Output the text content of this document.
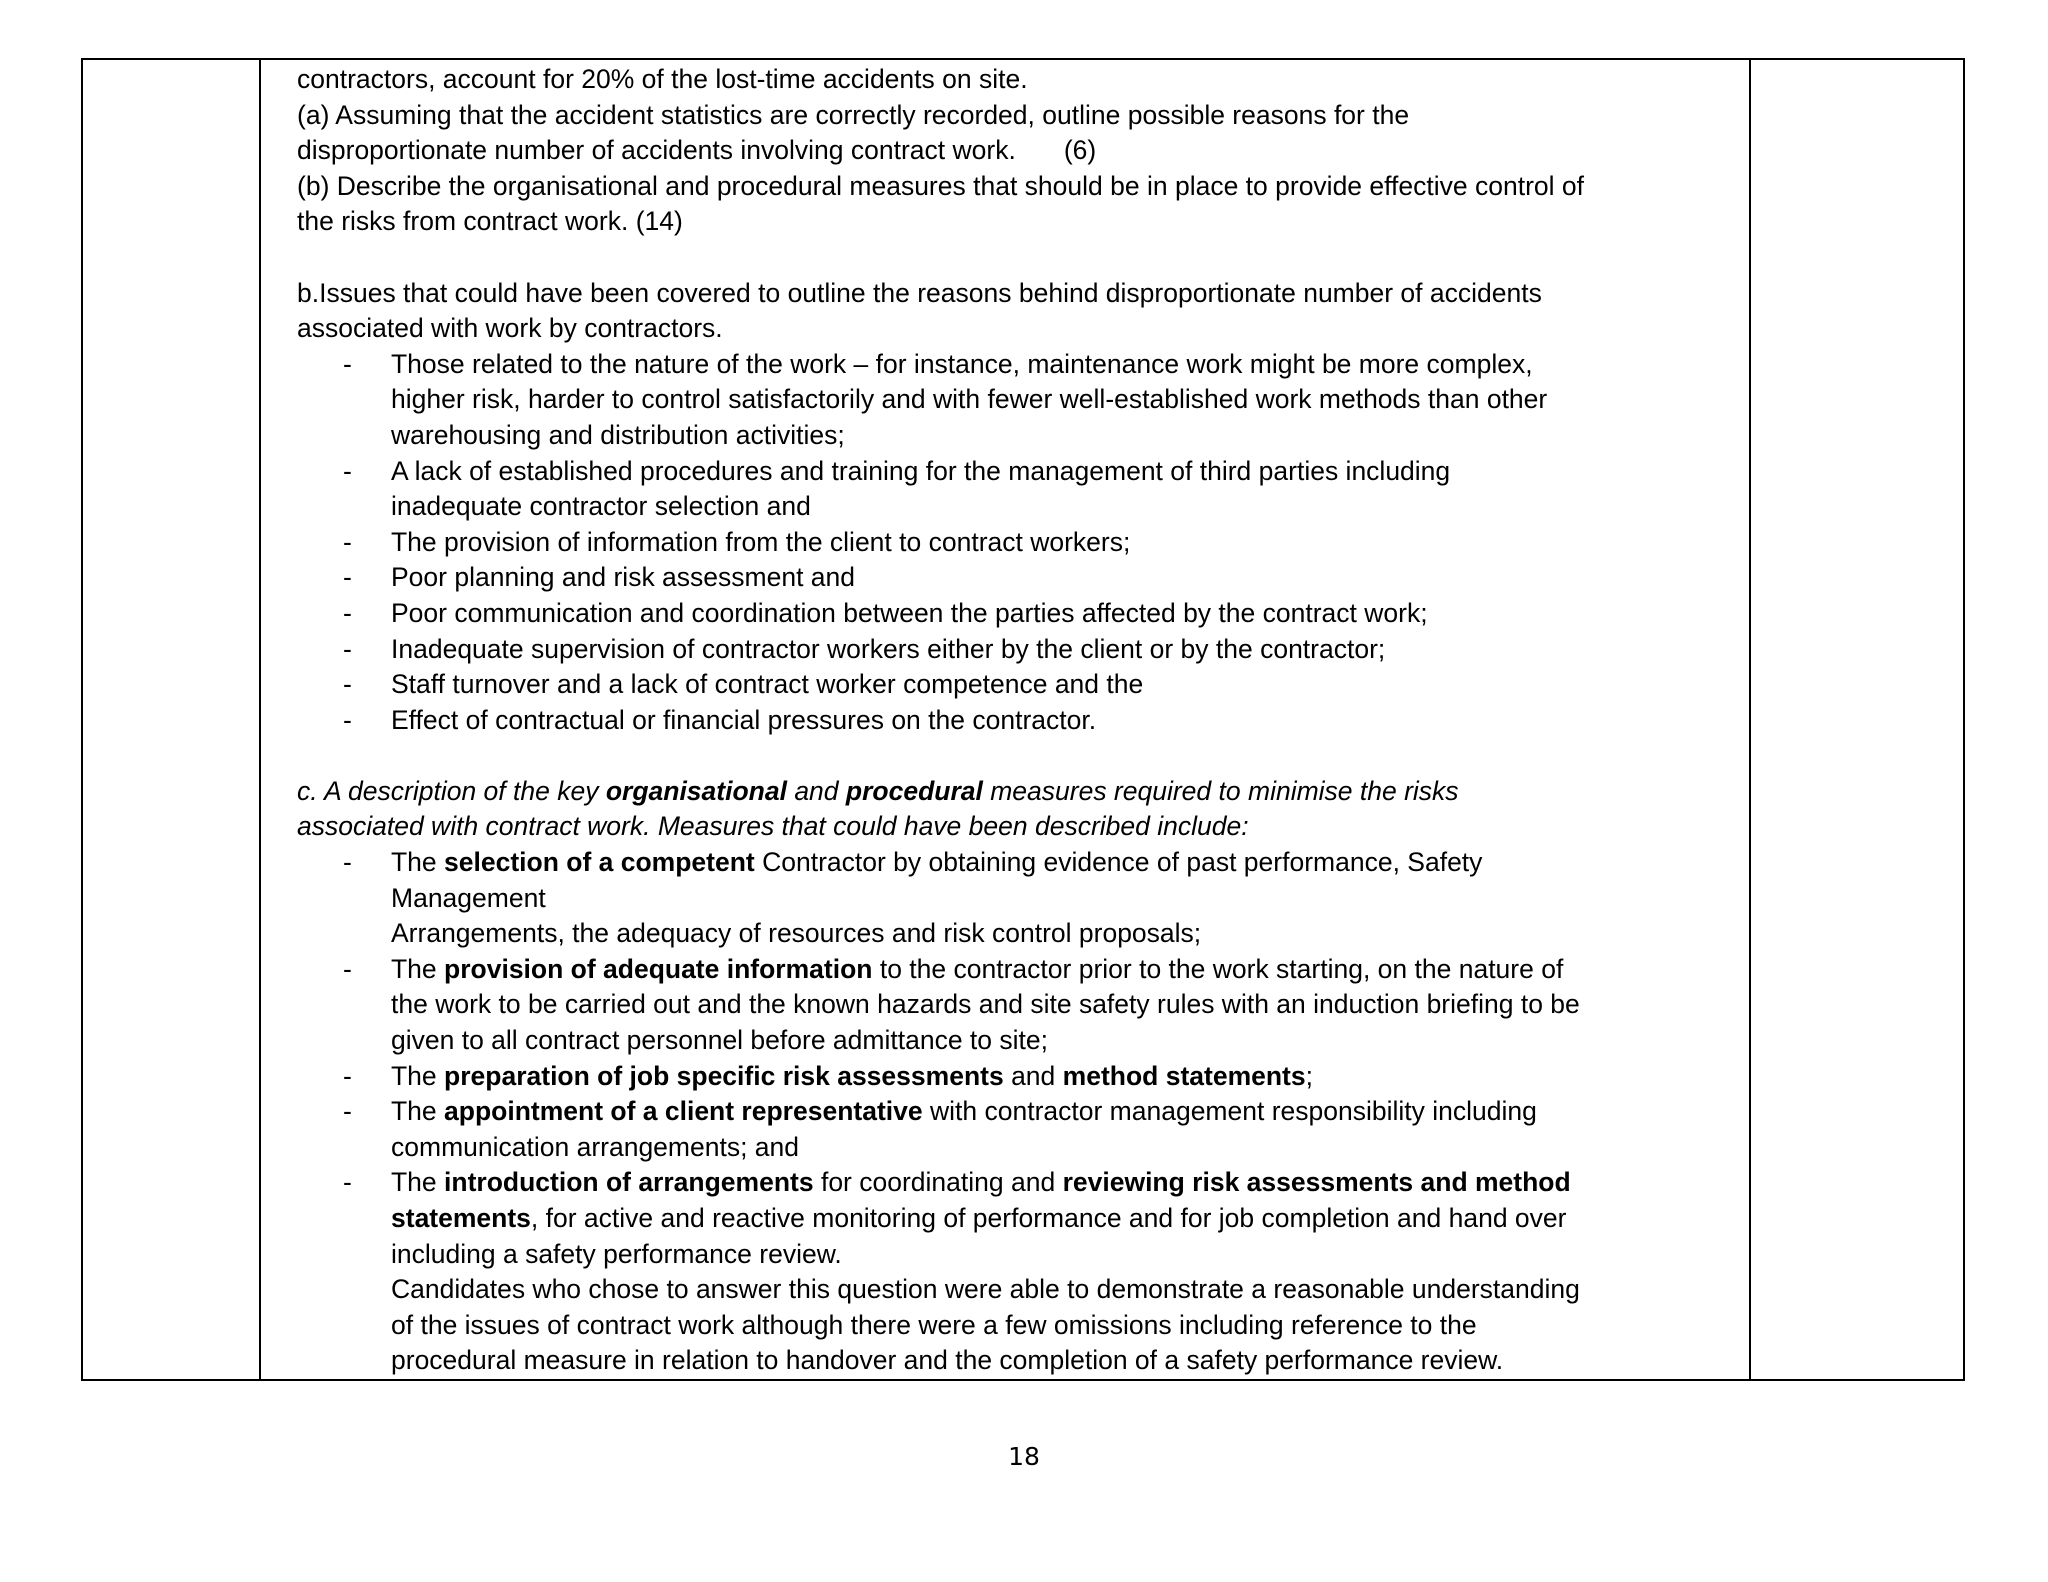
contractors, account for 20% of the lost-time accidents on site.

(a) Assuming that the accident statistics are correctly recorded, outline possible reasons for the

disproportionate number of accidents involving contract work. (6)

(b) Describe the organisational and procedural measures that should be in place to provide effective control of

the risks from contract work. (14)

b.Issues that could have been covered to outline the reasons behind disproportionate number of accidents

associated with work by contractors.

- Those related to the nature of the work – for instance, maintenance work might be more complex,
higher risk, harder to control satisfactorily and with fewer well-established work methods than other
warehousing and distribution activities;
- A lack of established procedures and training for the management of third parties including
inadequate contractor selection and
- The provision of information from the client to contract workers;
- Poor planning and risk assessment and
- Poor communication and coordination between the parties affected by the contract work;
- Inadequate supervision of contractor workers either by the client or by the contractor;
- Staff turnover and a lack of contract worker competence and the
- Effect of contractual or financial pressures on the contractor.

c. A description of the key organisational and procedural measures required to minimise the risks

associated with contract work. Measures that could have been described include:

- The selection of a competent Contractor by obtaining evidence of past performance, Safety
Management
Arrangements, the adequacy of resources and risk control proposals;
- The provision of adequate information to the contractor prior to the work starting, on the nature of
the work to be carried out and the known hazards and site safety rules with an induction briefing to be
given to all contract personnel before admittance to site;
- The preparation of job specific risk assessments and method statements;
- The appointment of a client representative with contractor management responsibility including
communication arrangements; and
- The introduction of arrangements for coordinating and reviewing risk assessments and method
statements, for active and reactive monitoring of performance and for job completion and hand over
including a safety performance review.
Candidates who chose to answer this question were able to demonstrate a reasonable understanding
of the issues of contract work although there were a few omissions including reference to the
procedural measure in relation to handover and the completion of a safety performance review.

18
